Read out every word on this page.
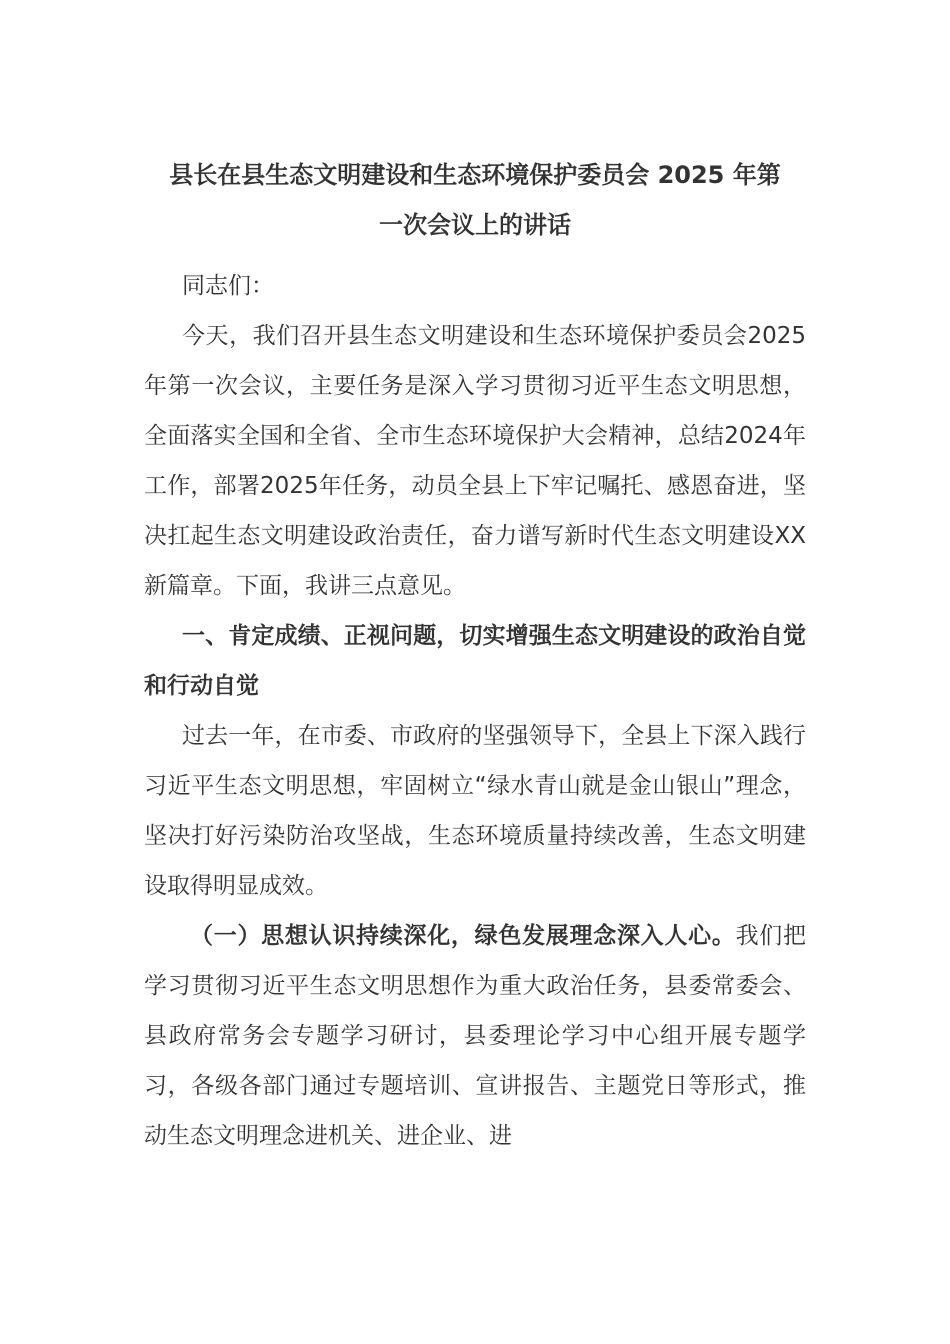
县长在县生态文明建设和生态环境保护委员会 2025 年第
一次会议上的讲话

同志们：

今天，我们召开县生态文明建设和生态环境保护委员会2025年第一次会议，主要任务是深入学习贯彻习近平生态文明思想，全面落实全国和全省、全市生态环境保护大会精神，总结2024年工作，部署2025年任务，动员全县上下牢记嘱托、感恩奋进，坚决扛起生态文明建设政治责任，奋力谱写新时代生态文明建设XX新篇章。下面，我讲三点意见。

一、肯定成绩、正视问题，切实增强生态文明建设的政治自觉和行动自觉

过去一年，在市委、市政府的坚强领导下，全县上下深入践行习近平生态文明思想，牢固树立“绿水青山就是金山银山”理念，坚决打好污染防治攻坚战，生态环境质量持续改善，生态文明建设取得明显成效。

（一）思想认识持续深化，绿色发展理念深入人心。我们把学习贯彻习近平生态文明思想作为重大政治任务，县委常委会、县政府常务会专题学习研讨，县委理论学习中心组开展专题学习，各级各部门通过专题培训、宣讲报告、主题党日等形式，推动生态文明理念进机关、进企业、进
